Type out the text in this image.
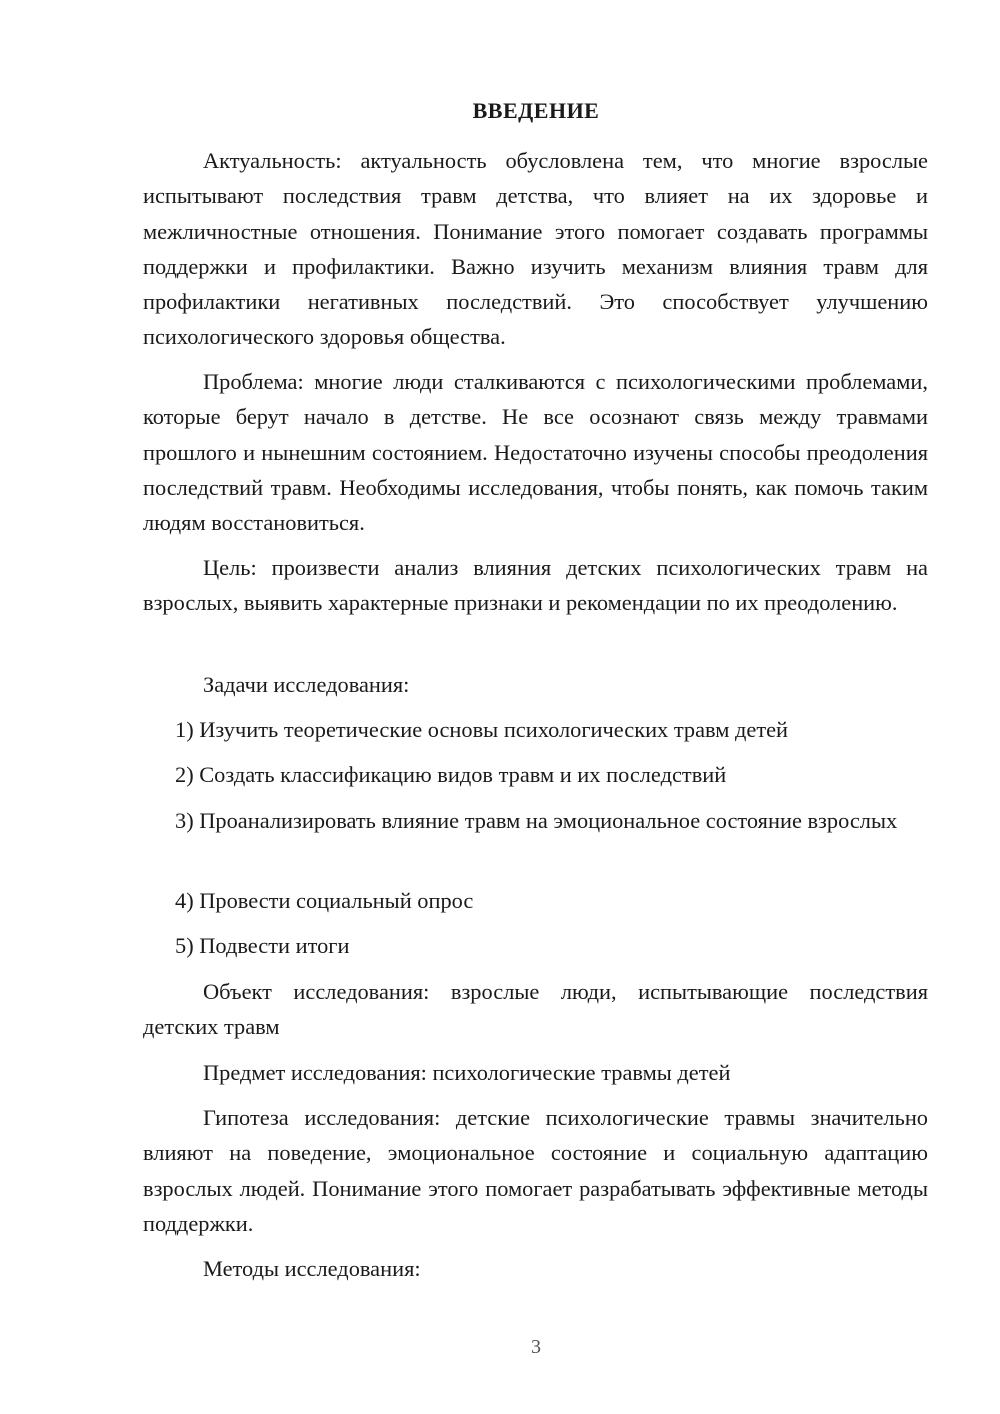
ВВЕДЕНИЕ

Актуальность: актуальность обусловлена тем, что многие взрослые испытывают последствия травм детства, что влияет на их здоровье и межличностные отношения. Понимание этого помогает создавать программы поддержки и профилактики. Важно изучить механизм влияния травм для профилактики негативных последствий. Это способствует улучшению психологического здоровья общества.

Проблема: многие люди сталкиваются с психологическими проблемами, которые берут начало в детстве. Не все осознают связь между травмами прошлого и нынешним состоянием. Недостаточно изучены способы преодоления последствий травм. Необходимы исследования, чтобы понять, как помочь таким людям восстановиться.

Цель: произвести анализ влияния детских психологических травм на взрослых, выявить характерные признаки и рекомендации по их преодолению.

Задачи исследования:

1) Изучить теоретические основы психологических травм детей

2) Создать классификацию видов травм и их последствий

3) Проанализировать влияние травм на эмоциональное состояние взрослых

4) Провести социальный опрос

5) Подвести итоги

Объект исследования: взрослые люди, испытывающие последствия детских травм

Предмет исследования: психологические травмы детей

Гипотеза исследования: детские психологические травмы значительно влияют на поведение, эмоциональное состояние и социальную адаптацию взрослых людей. Понимание этого помогает разрабатывать эффективные методы поддержки.

Методы исследования:

3
